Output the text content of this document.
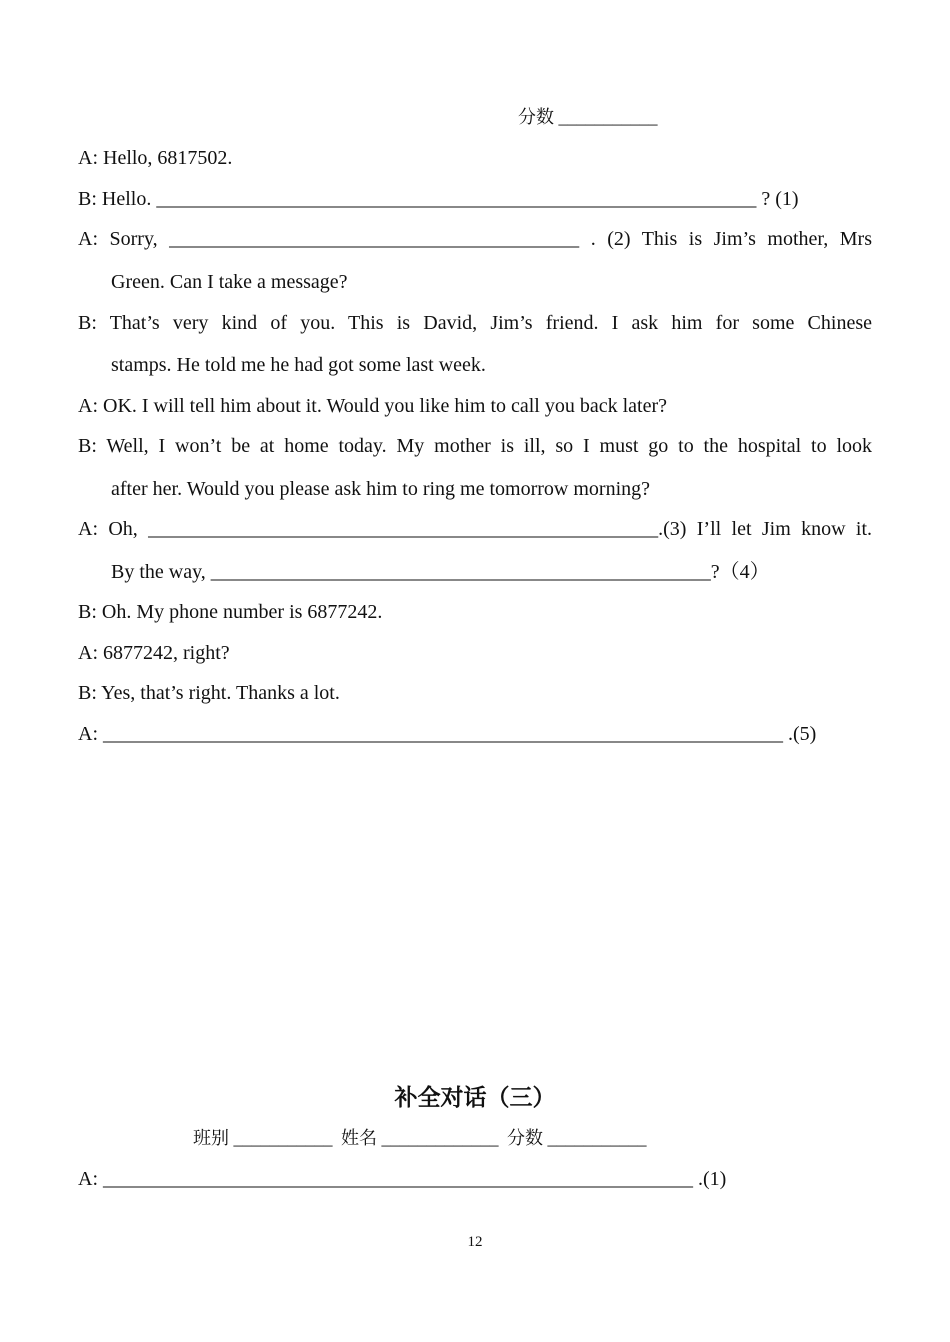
分数 ___________
A: Hello, 6817502.
B: Hello. ____________________________________________________________ ? (1)
A: Sorry, _________________________________________ . (2) This is Jim’s mother, Mrs
Green. Can I take a message?
B: That’s very kind of you. This is David, Jim’s friend. I ask him for some Chinese
stamps. He told me he had got some last week.
A: OK. I will tell him about it. Would you like him to call you back later?
B: Well, I won’t be at home today. My mother is ill, so I must go to the hospital to look
after her. Would you please ask him to ring me tomorrow morning?
A: Oh, ___________________________________________________.(3) I’ll let Jim know it.
By the way, __________________________________________________?（4）
B: Oh. My phone number is 6877242.
A: 6877242, right?
B: Yes, that’s right. Thanks a lot.
A: ____________________________________________________________________ .(5)
补全对话（三）
班别 ___________ 姓名 _____________ 分数 ___________
A: ___________________________________________________________ .(1)
12
